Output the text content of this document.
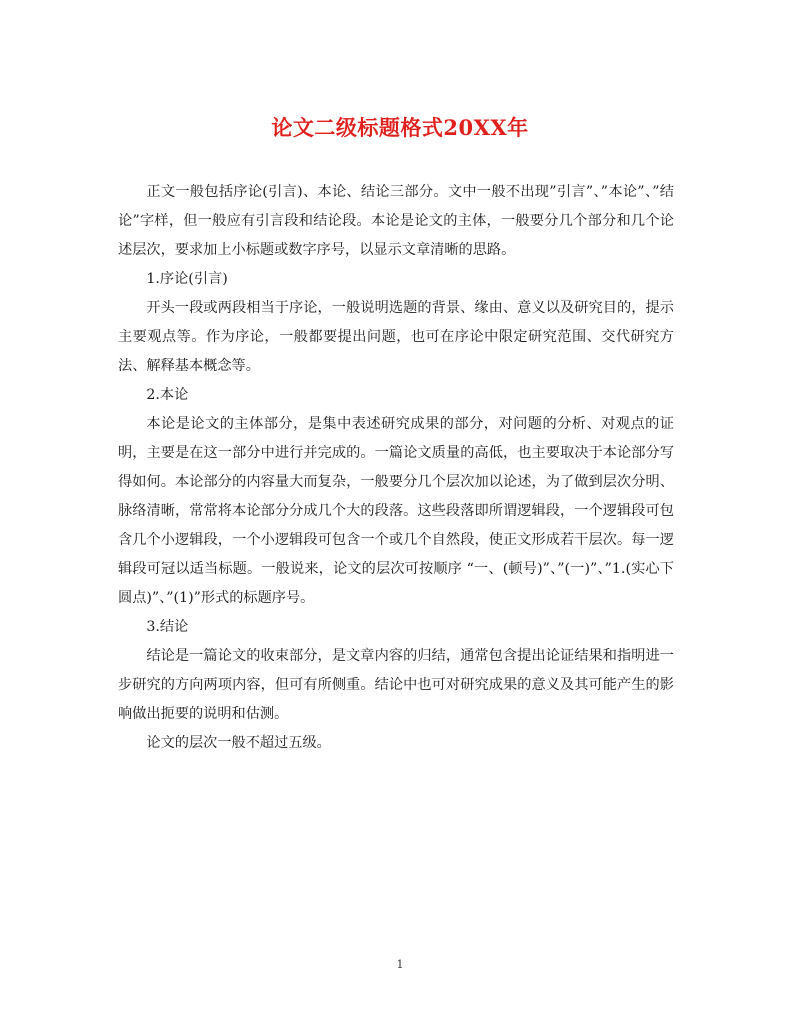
论文二级标题格式20XX年

正文一般包括序论(引言)、本论、结论三部分。文中一般不出现”引言”、”本论”、”结论”字样，但一般应有引言段和结论段。本论是论文的主体，一般要分几个部分和几个论述层次，要求加上小标题或数字序号，以显示文章清晰的思路。

1.序论(引言)

开头一段或两段相当于序论，一般说明选题的背景、缘由、意义以及研究目的，提示主要观点等。作为序论，一般都要提出问题，也可在序论中限定研究范围、交代研究方法、解释基本概念等。

2.本论

本论是论文的主体部分，是集中表述研究成果的部分，对问题的分析、对观点的证明，主要是在这一部分中进行并完成的。一篇论文质量的高低，也主要取决于本论部分写得如何。本论部分的内容量大而复杂，一般要分几个层次加以论述，为了做到层次分明、脉络清晰，常常将本论部分分成几个大的段落。这些段落即所谓逻辑段，一个逻辑段可包含几个小逻辑段，一个小逻辑段可包含一个或几个自然段，使正文形成若干层次。每一逻辑段可冠以适当标题。一般说来，论文的层次可按顺序 “一、(顿号)”、”(一)”、”1.(实心下圆点)”、”(1)”形式的标题序号。

3.结论

结论是一篇论文的收束部分，是文章内容的归结，通常包含提出论证结果和指明进一步研究的方向两项内容，但可有所侧重。结论中也可对研究成果的意义及其可能产生的影响做出扼要的说明和估测。

论文的层次一般不超过五级。

1
